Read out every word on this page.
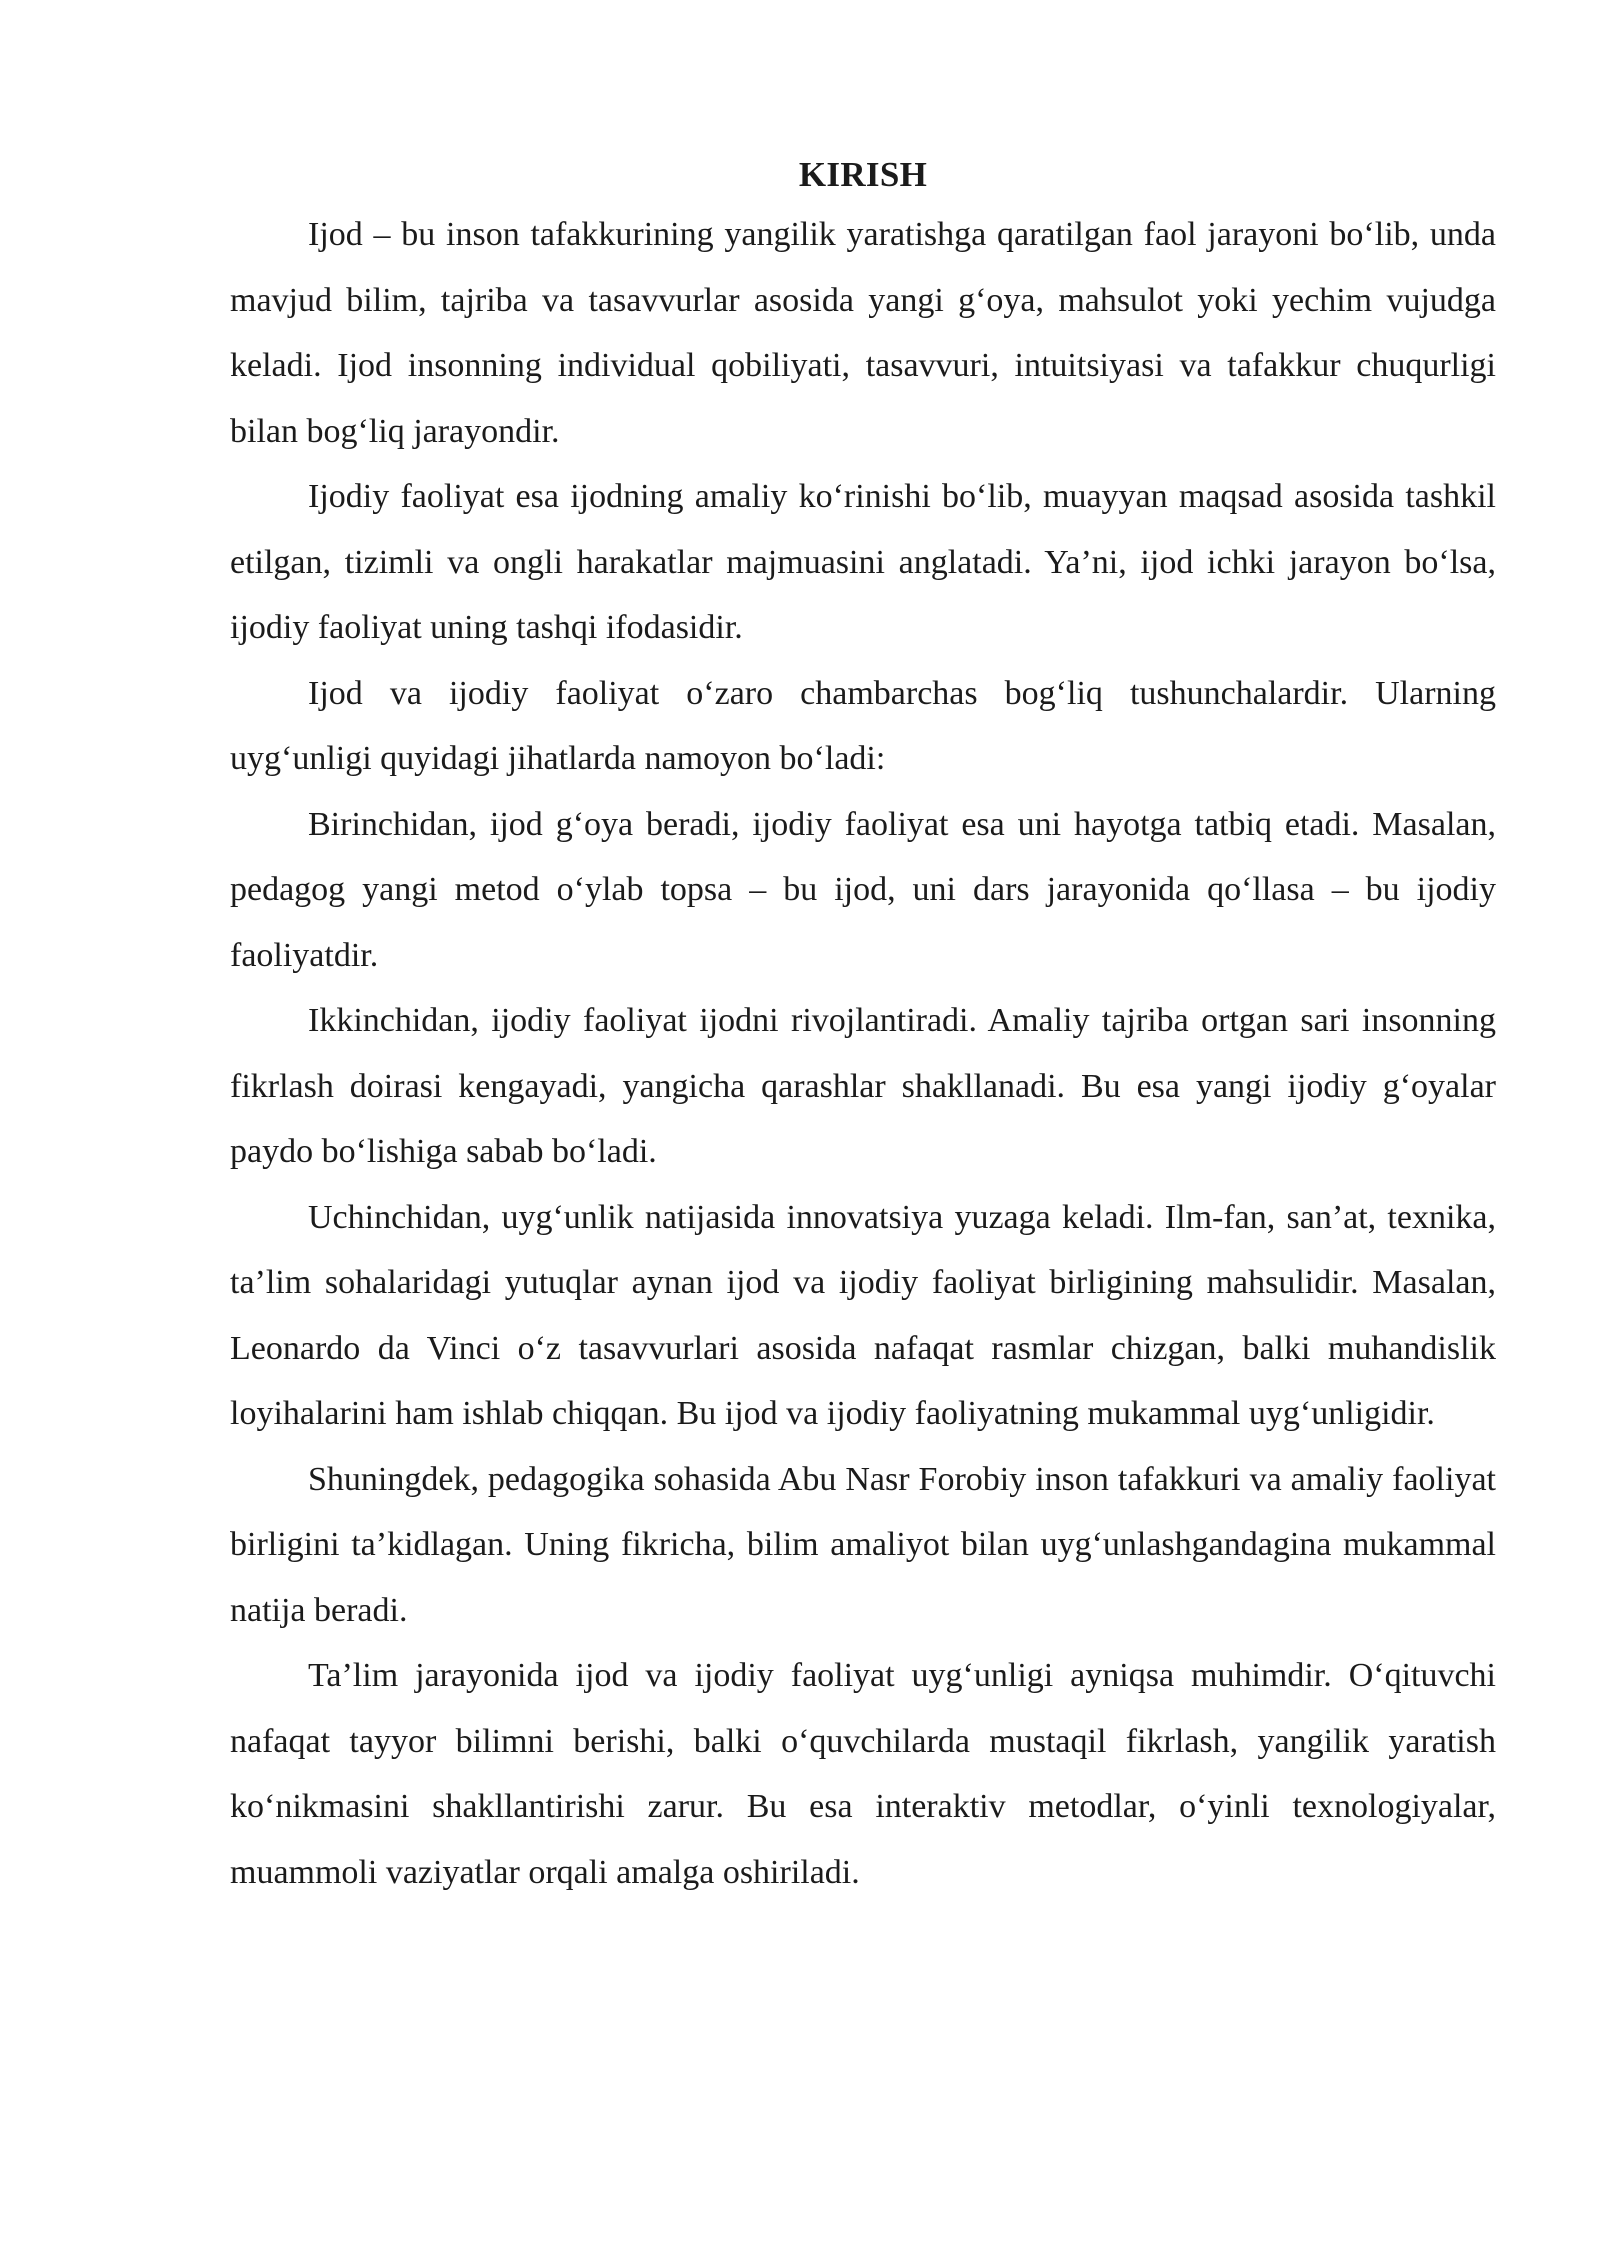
KIRISH

Ijod – bu inson tafakkurining yangilik yaratishga qaratilgan faol jarayoni bo‘lib, unda mavjud bilim, tajriba va tasavvurlar asosida yangi g‘oya, mahsulot yoki yechim vujudga keladi. Ijod insonning individual qobiliyati, tasavvuri, intuitsiyasi va tafakkur chuqurligi bilan bog‘liq jarayondir.

Ijodiy faoliyat esa ijodning amaliy ko‘rinishi bo‘lib, muayyan maqsad asosida tashkil etilgan, tizimli va ongli harakatlar majmuasini anglatadi. Ya’ni, ijod ichki jarayon bo‘lsa, ijodiy faoliyat uning tashqi ifodasidir.

Ijod va ijodiy faoliyat o‘zaro chambarchas bog‘liq tushunchalardir. Ularning uyg‘unligi quyidagi jihatlarda namoyon bo‘ladi:

Birinchidan, ijod g‘oya beradi, ijodiy faoliyat esa uni hayotga tatbiq etadi. Masalan, pedagog yangi metod o‘ylab topsa – bu ijod, uni dars jarayonida qo‘llasa – bu ijodiy faoliyatdir.

Ikkinchidan, ijodiy faoliyat ijodni rivojlantiradi. Amaliy tajriba ortgan sari insonning fikrlash doirasi kengayadi, yangicha qarashlar shakllanadi. Bu esa yangi ijodiy g‘oyalar paydo bo‘lishiga sabab bo‘ladi.

Uchinchidan, uyg‘unlik natijasida innovatsiya yuzaga keladi. Ilm-fan, san’at, texnika, ta’lim sohalaridagi yutuqlar aynan ijod va ijodiy faoliyat birligining mahsulidir. Masalan, Leonardo da Vinci o‘z tasavvurlari asosida nafaqat rasmlar chizgan, balki muhandislik loyihalarini ham ishlab chiqqan. Bu ijod va ijodiy faoliyatning mukammal uyg‘unligidir.

Shuningdek, pedagogika sohasida Abu Nasr Forobiy inson tafakkuri va amaliy faoliyat birligini ta’kidlagan. Uning fikricha, bilim amaliyot bilan uyg‘unlashgandagina mukammal natija beradi.

Ta’lim jarayonida ijod va ijodiy faoliyat uyg‘unligi ayniqsa muhimdir. O‘qituvchi nafaqat tayyor bilimni berishi, balki o‘quvchilarda mustaqil fikrlash, yangilik yaratish ko‘nikmasini shakllantirishi zarur. Bu esa interaktiv metodlar, o‘yinli texnologiyalar, muammoli vaziyatlar orqali amalga oshiriladi.
